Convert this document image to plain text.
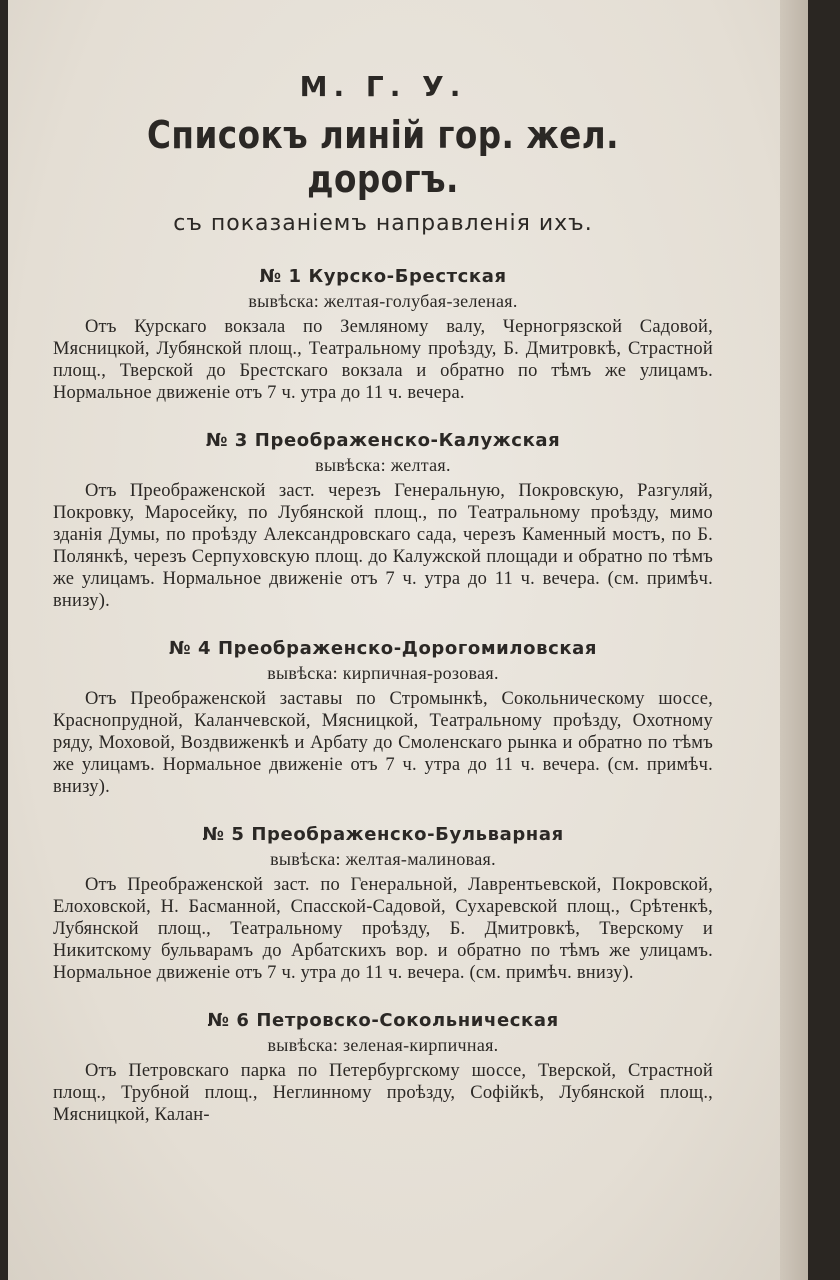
М. Г. У.
Списокъ линій гор. жел. дорогъ.
съ показаніемъ направленія ихъ.
№ 1 Курско-Брестская
вывѣска: желтая-голубая-зеленая.
Отъ Курскаго вокзала по Земляному валу, Черногрязской Садовой, Мясницкой, Лубянской площ., Театральному проѣзду, Б. Дмитровкѣ, Страстной площ., Тверской до Брестскаго вокзала и обратно по тѣмъ же улицамъ. Нормальное движеніе отъ 7 ч. утра до 11 ч. вечера.
№ 3 Преображенско-Калужская
вывѣска: желтая.
Отъ Преображенской заст. черезъ Генеральную, Покровскую, Разгуляй, Покровку, Маросейку, по Лубянской площ., по Театральному проѣзду, мимо зданія Думы, по проѣзду Александровскаго сада, черезъ Каменный мостъ, по Б. Полянкѣ, черезъ Серпуховскую площ. до Калужской площади и обратно по тѣмъ же улицамъ. Нормальное движеніе отъ 7 ч. утра до 11 ч. вечера. (см. примѣч. внизу).
№ 4 Преображенско-Дорогомиловская
вывѣска: кирпичная-розовая.
Отъ Преображенской заставы по Стромынкѣ, Сокольническому шоссе, Краснопрудной, Каланчевской, Мясницкой, Театральному проѣзду, Охотному ряду, Моховой, Воздвиженкѣ и Арбату до Смоленскаго рынка и обратно по тѣмъ же улицамъ. Нормальное движеніе отъ 7 ч. утра до 11 ч. вечера. (см. примѣч. внизу).
№ 5 Преображенско-Бульварная
вывѣска: желтая-малиновая.
Отъ Преображенской заст. по Генеральной, Лаврентьевской, Покровской, Елоховской, Н. Басманной, Спасской-Садовой, Сухаревской площ., Срѣтенкѣ, Лубянской площ., Театральному проѣзду, Б. Дмитровкѣ, Тверскому и Никитскому бульварамъ до Арбатскихъ вор. и обратно по тѣмъ же улицамъ. Нормальное движеніе отъ 7 ч. утра до 11 ч. вечера. (см. примѣч. внизу).
№ 6 Петровско-Сокольническая
вывѣска: зеленая-кирпичная.
Отъ Петровскаго парка по Петербургскому шоссе, Тверской, Страстной площ., Трубной площ., Неглинному проѣзду, Софійкѣ, Лубянской площ., Мясницкой, Калан-
